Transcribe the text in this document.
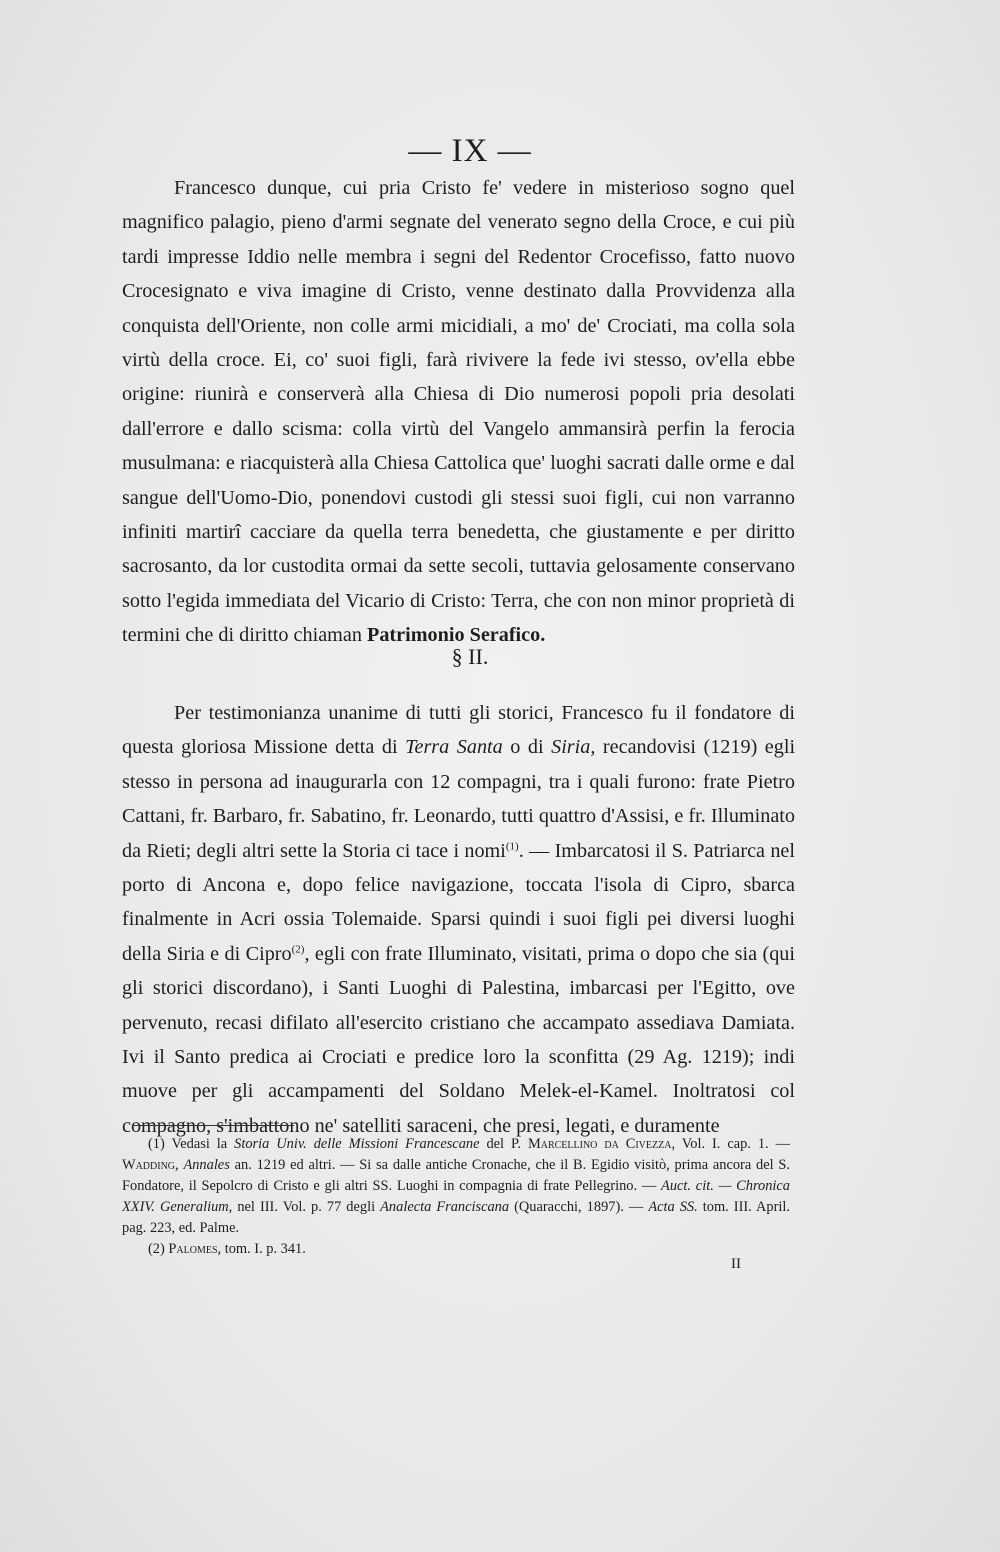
— IX —

Francesco dunque, cui pria Cristo fe' vedere in misterioso sogno quel magnifico palagio, pieno d'armi segnate del venerato segno della Croce, e cui più tardi impresse Iddio nelle membra i segni del Redentor Crocefisso, fatto nuovo Crocesignato e viva imagine di Cristo, venne destinato dalla Provvidenza alla conquista dell'Oriente, non colle armi micidiali, a mo' de' Crociati, ma colla sola virtù della croce. Ei, co' suoi figli, farà rivivere la fede ivi stesso, ov'ella ebbe origine: riunirà e conserverà alla Chiesa di Dio numerosi popoli pria desolati dall'errore e dallo scisma: colla virtù del Vangelo ammansirà perfin la ferocia musulmana: e riacquisterà alla Chiesa Cattolica que' luoghi sacrati dalle orme e dal sangue dell'Uomo-Dio, ponendovi custodi gli stessi suoi figli, cui non varranno infiniti martirî cacciare da quella terra benedetta, che giustamente e per diritto sacrosanto, da lor custodita ormai da sette secoli, tuttavia gelosamente conservano sotto l'egida immediata del Vicario di Cristo: Terra, che con non minor proprietà di termini che di diritto chiaman Patrimonio Serafico.

§ II.

Per testimonianza unanime di tutti gli storici, Francesco fu il fondatore di questa gloriosa Missione detta di Terra Santa o di Siria, recandovisi (1219) egli stesso in persona ad inaugurarla con 12 compagni, tra i quali furono: frate Pietro Cattani, fr. Barbaro, fr. Sabatino, fr. Leonardo, tutti quattro d'Assisi, e fr. Illuminato da Rieti; degli altri sette la Storia ci tace i nomi$^{(1)}$. — Imbarcatosi il S. Patriarca nel porto di Ancona e, dopo felice navigazione, toccata l'isola di Cipro, sbarca finalmente in Acri ossia Tolemaide. Sparsi quindi i suoi figli pei diversi luoghi della Siria e di Cipro$^{(2)}$, egli con frate Illuminato, visitati, prima o dopo che sia (qui gli storici discordano), i Santi Luoghi di Palestina, imbarcasi per l'Egitto, ove pervenuto, recasi difilato all'esercito cristiano che accampato assediava Damiata. Ivi il Santo predica ai Crociati e predice loro la sconfitta (29 Ag. 1219); indi muove per gli accampamenti del Soldano Melek-el-Kamel. Inoltratosi col compagno, s'imbattono ne' satelliti saraceni, che presi, legati, e duramente

(1) Vedasi la Storia Univ. delle Missioni Francescane del P. Marcellino da Civezza, Vol. I. cap. 1. — Wadding, Annales an. 1219 ed altri. — Si sa dalle antiche Cronache, che il B. Egidio visitò, prima ancora del S. Fondatore, il Sepolcro di Cristo e gli altri SS. Luoghi in compagnia di frate Pellegrino. — Auct. cit. — Chronica XXIV. Generalium, nel III. Vol. p. 77 degli Analecta Franciscana (Quaracchi, 1897). — Acta SS. tom. III. April. pag. 223, ed. Palme.

(2) Palomes, tom. I. p. 341.

II
